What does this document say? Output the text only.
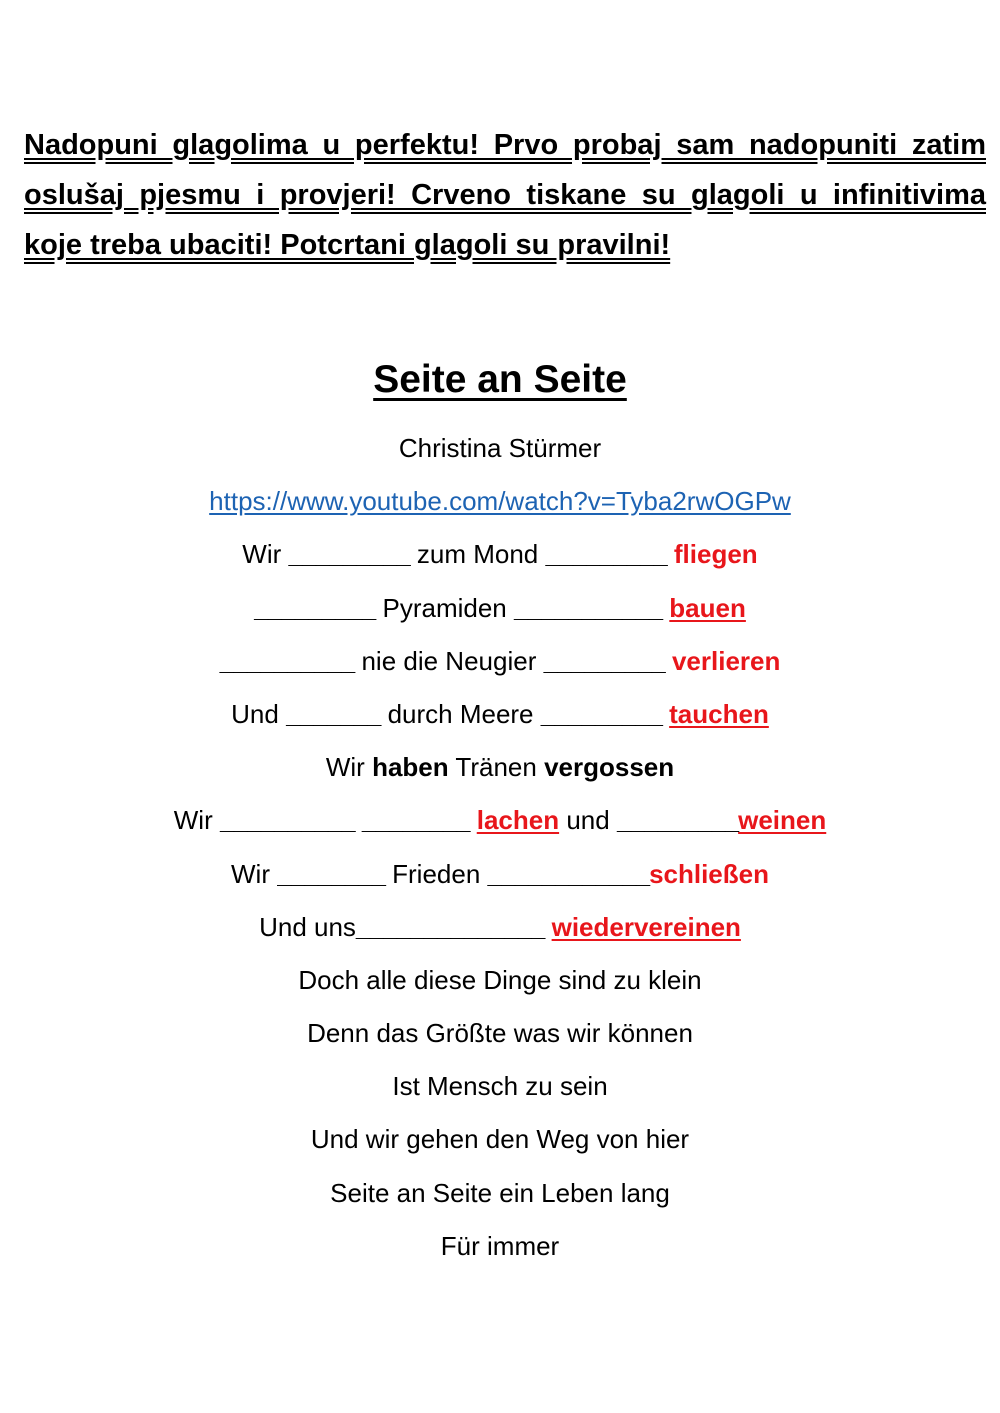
Nadopuni glagolima u perfektu! Prvo probaj sam nadopuniti zatim oslušaj pjesmu i provjeri! Crveno tiskane su glagoli u infinitivima koje treba ubaciti! Potcrtani glagoli su pravilni!

Seite an Seite
Christina Stürmer
https://www.youtube.com/watch?v=Tyba2rwOGPw
Wir _________ zum Mond _________ fliegen
_________ Pyramiden ___________ bauen
__________ nie die Neugier _________ verlieren
Und _______ durch Meere _________ tauchen
Wir haben Tränen vergossen
Wir __________ ________ lachen und _________weinen
Wir ________ Frieden ____________schließen
Und uns______________ wiedervereinen
Doch alle diese Dinge sind zu klein
Denn das Größte was wir können
Ist Mensch zu sein
Und wir gehen den Weg von hier
Seite an Seite ein Leben lang
Für immer
